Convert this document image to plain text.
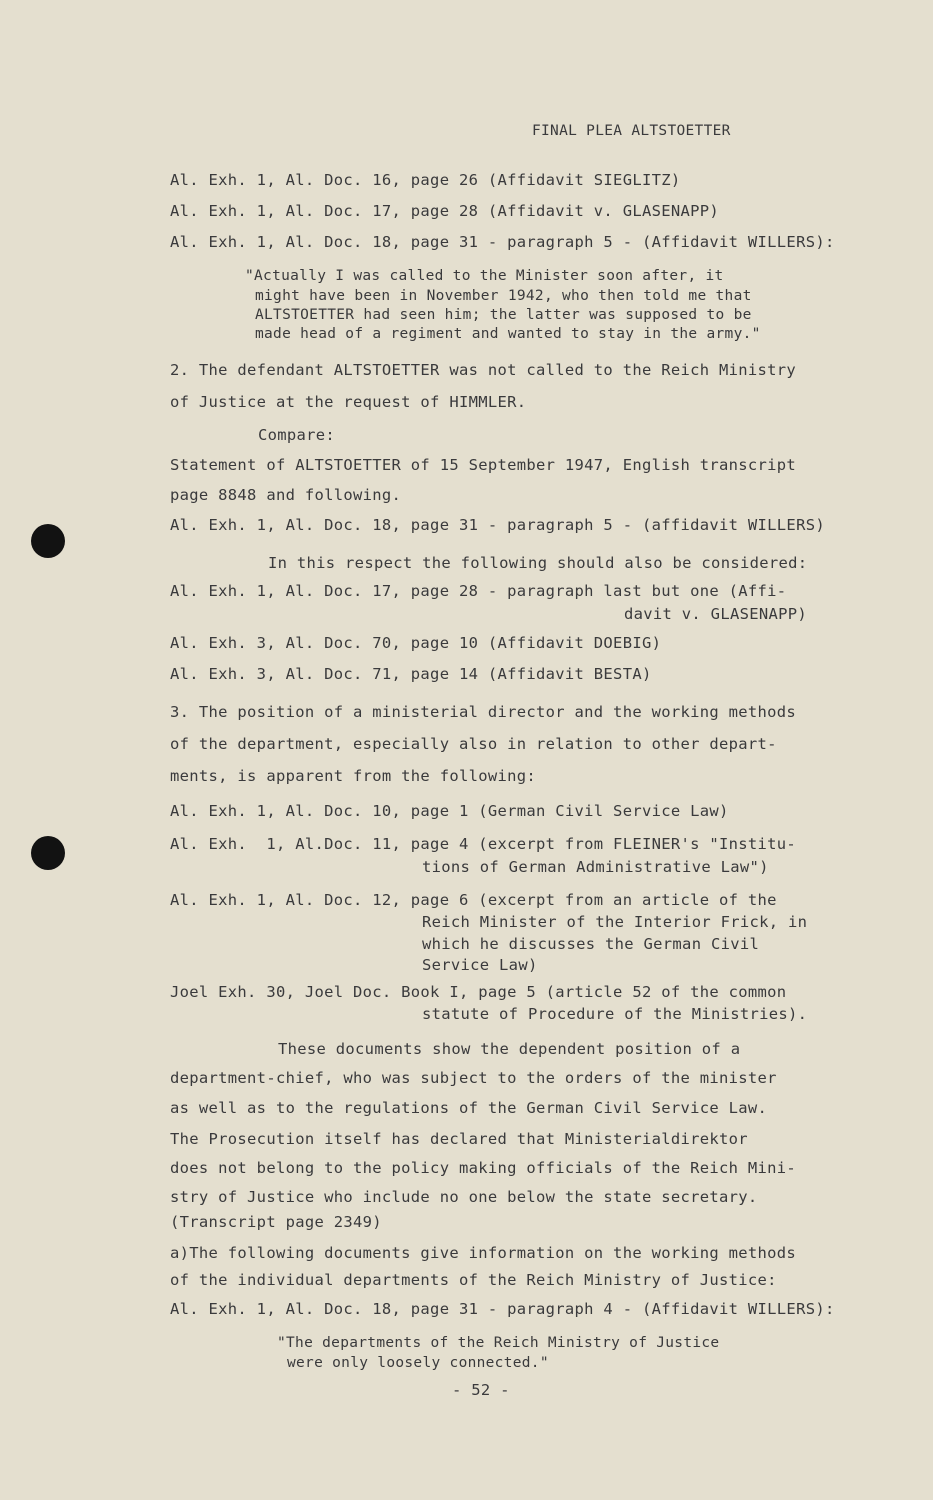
FINAL PLEA ALTSTOETTER
Al. Exh. 1, Al. Doc. 16, page 26 (Affidavit SIEGLITZ)
Al. Exh. 1, Al. Doc. 17, page 28 (Affidavit v. GLASENAPP)
Al. Exh. 1, Al. Doc. 18, page 31 - paragraph 5 - (Affidavit WILLERS):
"Actually I was called to the Minister soon after, it
might have been in November 1942, who then told me that
ALTSTOETTER had seen him; the latter was supposed to be
made head of a regiment and wanted to stay in the army."
2. The defendant ALTSTOETTER was not called to the Reich Ministry
of Justice at the request of HIMMLER.
Compare:
Statement of ALTSTOETTER of 15 September 1947, English transcript
page 8848 and following.
Al. Exh. 1, Al. Doc. 18, page 31 - paragraph 5 - (affidavit WILLERS)
In this respect the following should also be considered:
Al. Exh. 1, Al. Doc. 17, page 28 - paragraph last but one (Affi-
davit v. GLASENAPP)
Al. Exh. 3, Al. Doc. 70, page 10 (Affidavit DOEBIG)
Al. Exh. 3, Al. Doc. 71, page 14 (Affidavit BESTA)
3. The position of a ministerial director and the working methods
of the department, especially also in relation to other depart-
ments, is apparent from the following:
Al. Exh. 1, Al. Doc. 10, page 1 (German Civil Service Law)
Al. Exh.  1, Al.Doc. 11, page 4 (excerpt from FLEINER's "Institu-
tions of German Administrative Law")
Al. Exh. 1, Al. Doc. 12, page 6 (excerpt from an article of the
Reich Minister of the Interior Frick, in
which he discusses the German Civil
Service Law)
Joel Exh. 30, Joel Doc. Book I, page 5 (article 52 of the common
statute of Procedure of the Ministries).
These documents show the dependent position of a
department-chief, who was subject to the orders of the minister
as well as to the regulations of the German Civil Service Law.
The Prosecution itself has declared that Ministerialdirektor
does not belong to the policy making officials of the Reich Mini-
stry of Justice who include no one below the state secretary.
(Transcript page 2349)
a)The following documents give information on the working methods
of the individual departments of the Reich Ministry of Justice:
Al. Exh. 1, Al. Doc. 18, page 31 - paragraph 4 - (Affidavit WILLERS):
"The departments of the Reich Ministry of Justice
were only loosely connected."
- 52 -
